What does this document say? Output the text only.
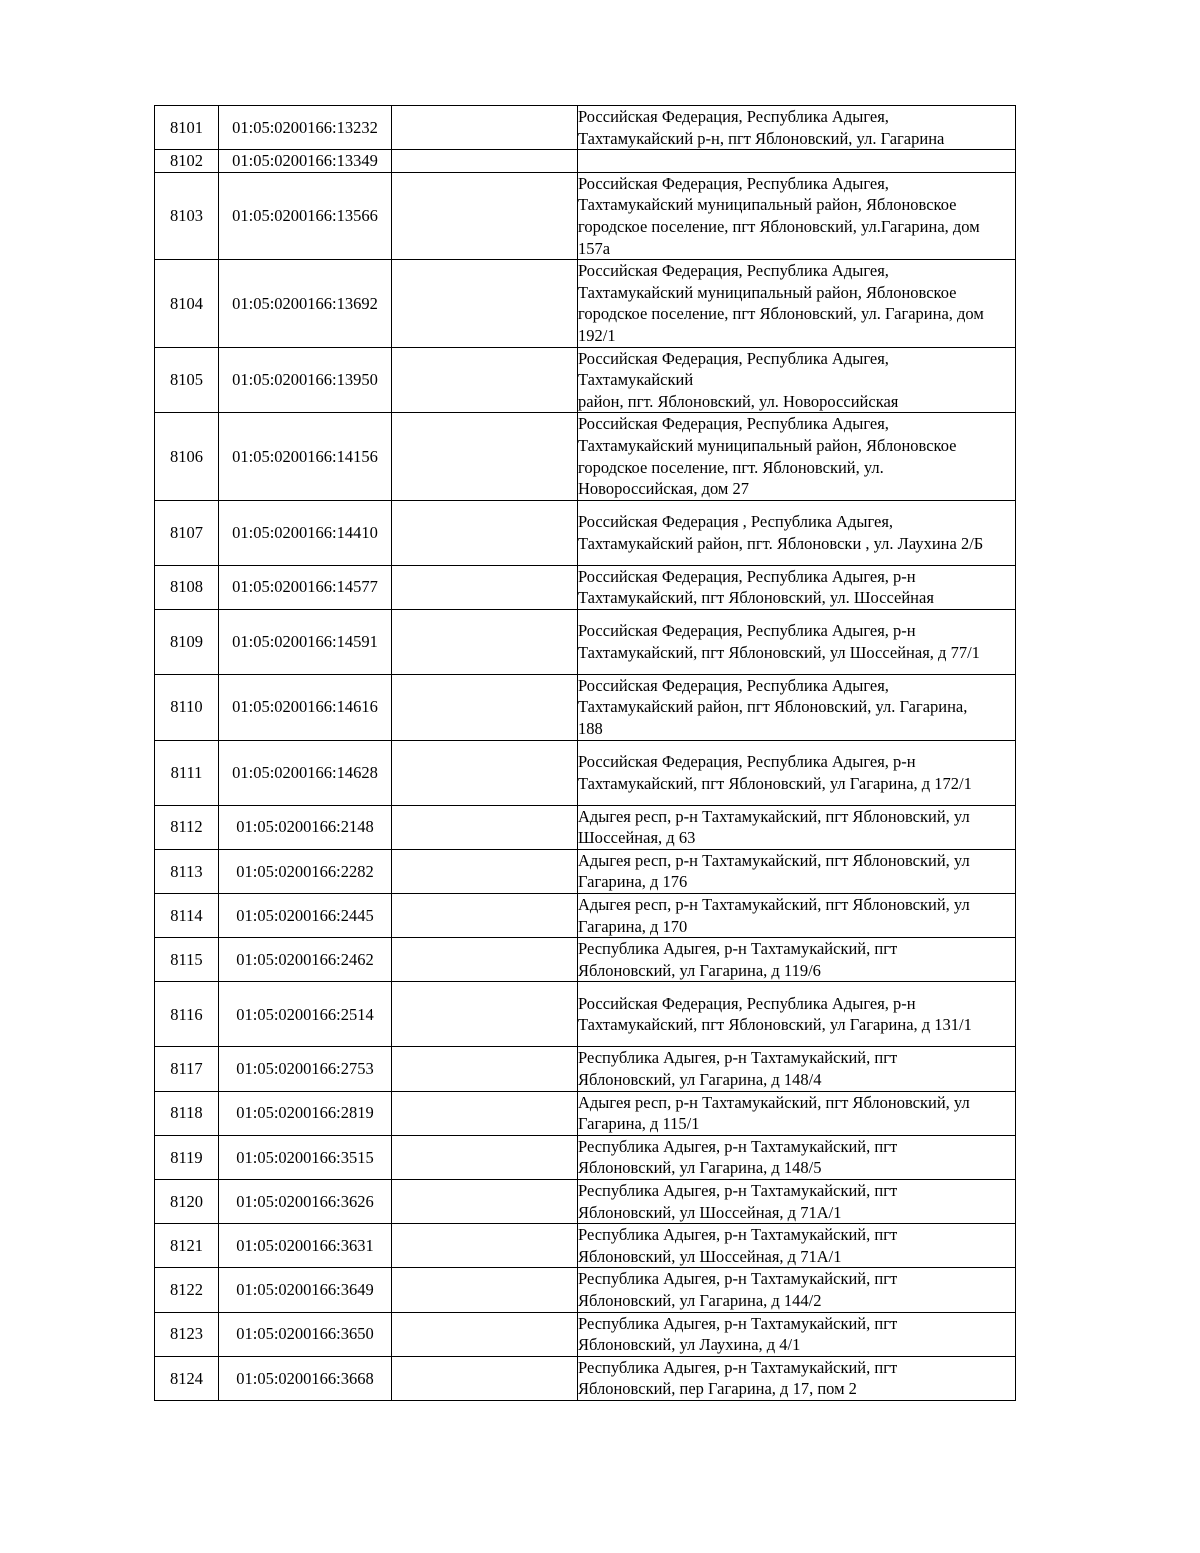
8101	01:05:0200166:13232		Российская Федерация, Республика Адыгея,
Тахтамукайский р-н, пгт Яблоновский, ул. Гагарина

8102	01:05:0200166:13349		
8103	01:05:0200166:13566		Российская Федерация, Республика Адыгея,
Тахтамукайский муниципальный район, Яблоновское
городское поселение, пгт Яблоновский, ул.Гагарина, дом
157а

8104	01:05:0200166:13692		Российская Федерация, Республика Адыгея,
Тахтамукайский муниципальный район, Яблоновское
городское поселение, пгт Яблоновский, ул. Гагарина, дом
192/1

8105	01:05:0200166:13950		Российская Федерация, Республика Адыгея,
Тахтамукайский
район, пгт. Яблоновский, ул. Новороссийская

8106	01:05:0200166:14156		Российская Федерация, Республика Адыгея,
Тахтамукайский муниципальный район, Яблоновское
городское поселение, пгт. Яблоновский, ул.
Новороссийская, дом 27

8107	01:05:0200166:14410		Российская Федерация , Республика Адыгея,
Тахтамукайский район, пгт. Яблоновски , ул. Лаухина 2/Б

8108	01:05:0200166:14577		Российская Федерация, Республика Адыгея, р-н
Тахтамукайский, пгт Яблоновский, ул. Шоссейная

8109	01:05:0200166:14591		Российская Федерация, Республика Адыгея, р-н
Тахтамукайский, пгт Яблоновский, ул Шоссейная, д 77/1

8110	01:05:0200166:14616		Российская Федерация, Республика Адыгея,
Тахтамукайский район, пгт Яблоновский, ул. Гагарина,
188

8111	01:05:0200166:14628		Российская Федерация, Республика Адыгея, р-н
Тахтамукайский, пгт Яблоновский, ул Гагарина, д 172/1

8112	01:05:0200166:2148		Адыгея респ, р-н Тахтамукайский, пгт Яблоновский, ул
Шоссейная, д 63

8113	01:05:0200166:2282		Адыгея респ, р-н Тахтамукайский, пгт Яблоновский, ул
Гагарина, д 176

8114	01:05:0200166:2445		Адыгея респ, р-н Тахтамукайский, пгт Яблоновский, ул
Гагарина, д 170

8115	01:05:0200166:2462		Республика Адыгея, р-н Тахтамукайский, пгт
Яблоновский, ул Гагарина, д 119/6

8116	01:05:0200166:2514		Российская Федерация, Республика Адыгея, р-н
Тахтамукайский, пгт Яблоновский, ул Гагарина, д 131/1

8117	01:05:0200166:2753		Республика Адыгея, р-н Тахтамукайский, пгт
Яблоновский, ул Гагарина, д 148/4

8118	01:05:0200166:2819		Адыгея респ, р-н Тахтамукайский, пгт Яблоновский, ул
Гагарина, д 115/1

8119	01:05:0200166:3515		Республика Адыгея, р-н Тахтамукайский, пгт
Яблоновский, ул Гагарина, д 148/5

8120	01:05:0200166:3626		Республика Адыгея, р-н Тахтамукайский, пгт
Яблоновский, ул Шоссейная, д 71А/1

8121	01:05:0200166:3631		Республика Адыгея, р-н Тахтамукайский, пгт
Яблоновский, ул Шоссейная, д 71А/1

8122	01:05:0200166:3649		Республика Адыгея, р-н Тахтамукайский, пгт
Яблоновский, ул Гагарина, д 144/2

8123	01:05:0200166:3650		Республика Адыгея, р-н Тахтамукайский, пгт
Яблоновский, ул Лаухина, д 4/1

8124	01:05:0200166:3668		Республика Адыгея, р-н Тахтамукайский, пгт
Яблоновский, пер Гагарина, д 17, пом 2
